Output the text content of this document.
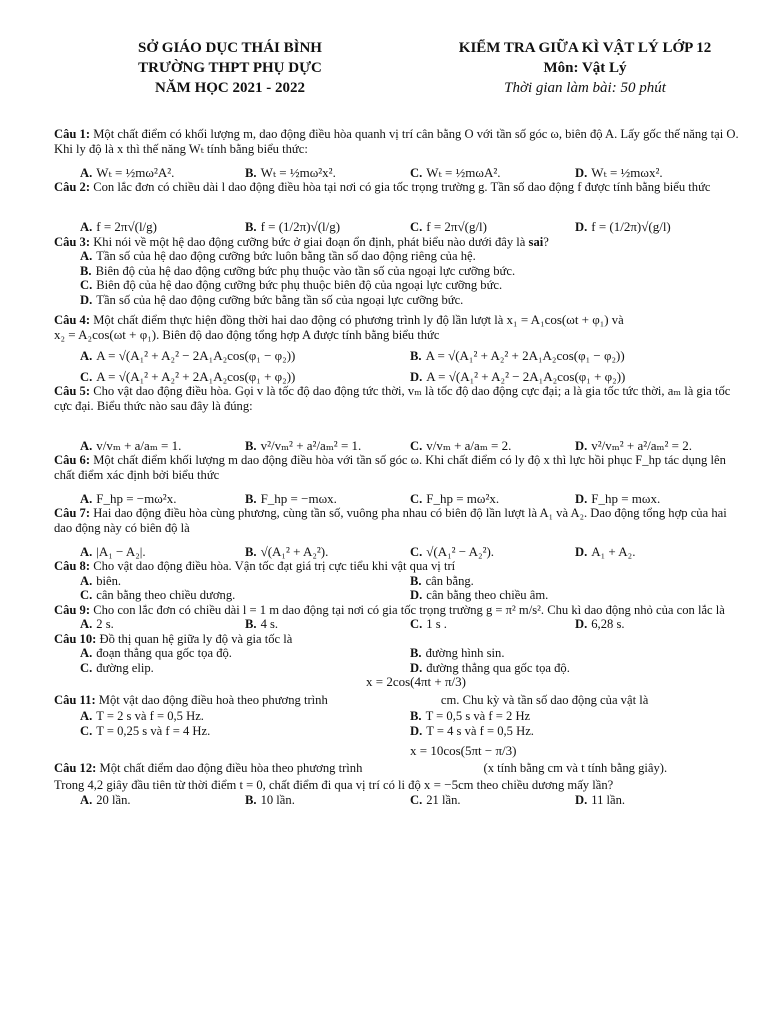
SỞ GIÁO DỤC THÁI BÌNH
TRƯỜNG THPT PHỤ DỰC
NĂM HỌC 2021 - 2022
KIỂM TRA GIỮA KÌ VẬT LÝ LỚP 12
Môn: Vật Lý
Thời gian làm bài: 50 phút
Câu 1: Một chất điểm có khối lượng m, dao động điều hòa quanh vị trí cân bằng O với tần số góc ω, biên độ A. Lấy gốc thế năng tại O. Khi ly độ là x thì thế năng Wₜ tính bằng biểu thức:
A. Wₜ = ½mω²A².	B. Wₜ = ½mω²x².	C. Wₜ = ½mωA².	D. Wₜ = ½mωx².
Câu 2: Con lắc đơn có chiều dài l dao động điều hòa tại nơi có gia tốc trọng trường g. Tần số dao động f được tính bằng biểu thức
A. f = 2π√(l/g)	B. f = (1/2π)√(l/g)	C. f = 2π√(g/l)	D. f = (1/2π)√(g/l)
Câu 3: Khi nói về một hệ dao động cưỡng bức ở giai đoạn ổn định, phát biểu nào dưới đây là sai?
A. Tần số của hệ dao động cưỡng bức luôn bằng tần số dao động riêng của hệ.
B. Biên độ của hệ dao động cưỡng bức phụ thuộc vào tần số của ngoại lực cưỡng bức.
C. Biên độ của hệ dao động cưỡng bức phụ thuộc biên độ của ngoại lực cưỡng bức.
D. Tần số của hệ dao động cưỡng bức bằng tần số của ngoại lực cưỡng bức.
Câu 4: Một chất điểm thực hiện đồng thời hai dao động có phương trình ly độ lần lượt là x₁ = A₁cos(ωt + φ₁) và
x₂ = A₂cos(ωt + φ₁). Biên độ dao động tổng hợp A được tính bằng biểu thức
A. A = √(A₁² + A₂² − 2A₁A₂cos(φ₁ − φ₂))	B. A = √(A₁² + A₂² + 2A₁A₂cos(φ₁ − φ₂))
C. A = √(A₁² + A₂² + 2A₁A₂cos(φ₁ + φ₂))	D. A = √(A₁² + A₂² − 2A₁A₂cos(φ₁ + φ₂))
Câu 5: Cho vật dao động điều hòa. Gọi v là tốc độ dao động tức thời, vₘ là tốc độ dao động cực đại; a là gia tốc tức thời, aₘ là gia tốc cực đại. Biểu thức nào sau đây là đúng:
A. v/vₘ + a/aₘ = 1.	B. v²/vₘ² + a²/aₘ² = 1.	C. v/vₘ + a/aₘ = 2.	D. v²/vₘ² + a²/aₘ² = 2.
Câu 6: Một chất điểm khối lượng m dao động điều hòa với tần số góc ω. Khi chất điểm có ly độ x thì lực hồi phục F_hp tác dụng lên chất điểm xác định bởi biểu thức
A. F_hp = −mω²x.	B. F_hp = −mωx.	C. F_hp = mω²x.	D. F_hp = mωx.
Câu 7: Hai dao động điều hòa cùng phương, cùng tần số, vuông pha nhau có biên độ lần lượt là A₁ và A₂. Dao động tổng hợp của hai dao động này có biên độ là
A. |A₁ − A₂|.	B. √(A₁² + A₂²).	C. √(A₁² − A₂²).	D. A₁ + A₂.
Câu 8: Cho vật dao động điều hòa. Vận tốc đạt giá trị cực tiểu khi vật qua vị trí
A. biên.	B. cân bằng.
C. cân bằng theo chiều dương.	D. cân bằng theo chiều âm.
Câu 9: Cho con lắc đơn có chiều dài l = 1 m dao động tại nơi có gia tốc trọng trường g = π² m/s². Chu kì dao động nhỏ của con lắc là
A. 2 s.	B. 4 s.	C. 1 s .	D. 6,28 s.
Câu 10: Đồ thị quan hệ giữa ly độ và gia tốc là
A. đoạn thẳng qua gốc tọa độ.	B. đường hình sin.
C. đường elip.	D. đường thẳng qua gốc tọa độ.
x = 2cos(4πt + π/3)
Câu 11: Một vật dao động điều hoà theo phương trình	cm. Chu kỳ và tần số dao động của vật là
A. T = 2 s và f = 0,5 Hz.	B. T = 0,5 s và f = 2 Hz
C. T = 0,25 s và f = 4 Hz.	D. T = 4 s và f = 0,5 Hz.
x = 10cos(5πt − π/3)
Câu 12: Một chất điểm dao động điều hòa theo phương trình	(x tính bằng cm và t tính bằng giây).
Trong 4,2 giây đầu tiên từ thời điểm t = 0, chất điểm đi qua vị trí có li độ x = −5cm theo chiều dương mấy lần?
A. 20 lần.	B. 10 lần.	C. 21 lần.	D. 11 lần.
